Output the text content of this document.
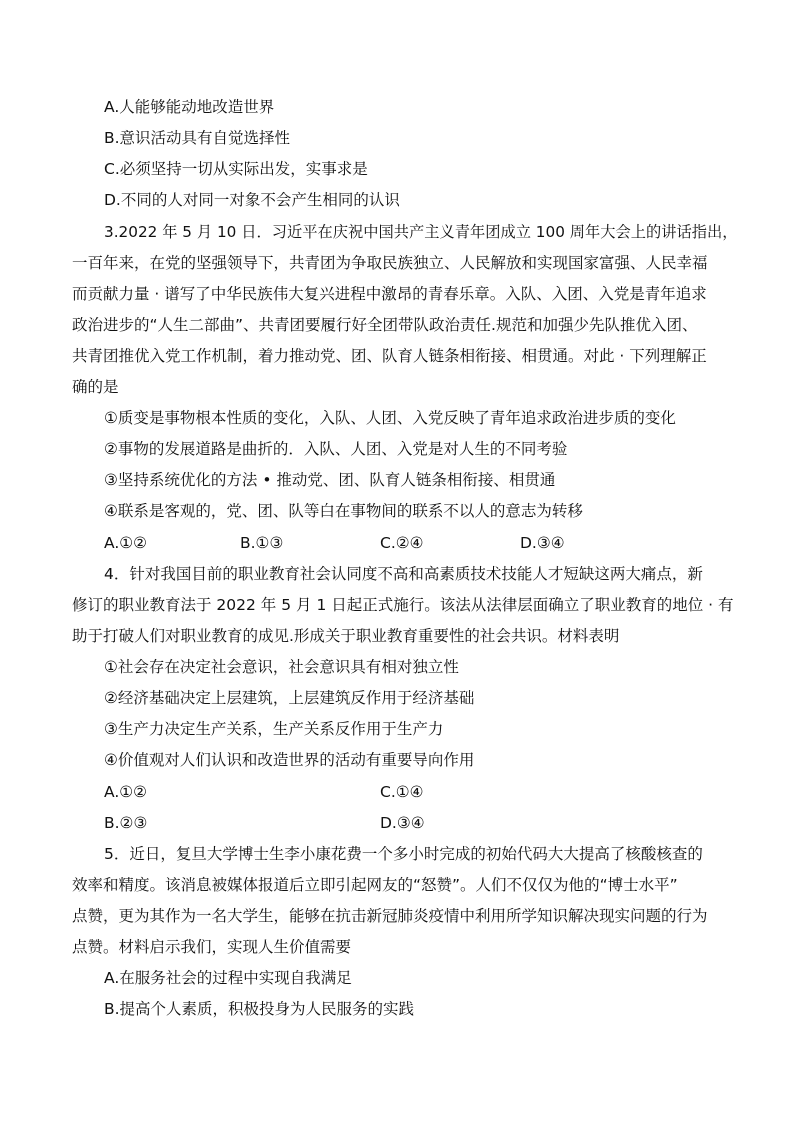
A.人能够能动地改造世界
B.意识活动具有自觉选择性
C.必须坚持一切从实际出发，实事求是
D.不同的人对同一对象不会产生相同的认识
3.2022 年 5 月 10 日．习近平在庆祝中国共产主义青年团成立 100 周年大会上的讲话指出，
一百年来，在党的坚强领导下，共青团为争取民族独立、人民解放和实现国家富强、人民幸福
而贡献力量 · 谱写了中华民族伟大复兴进程中激昂的青春乐章。入队、入团、入党是青年追求
政治进步的“人生二部曲”、共青团要履行好全团带队政治责任.规范和加强少先队推优入团、
共青团推优入党工作机制，着力推动党、团、队育人链条相衔接、相贯通。对此 · 下列理解正
确的是
①质变是事物根本性质的变化，入队、人团、入党反映了青年追求政治进步质的变化
②事物的发展道路是曲折的．入队、人团、入党是对人生的不同考验
③坚持系统优化的方法 • 推动党、团、队育人链条相衔接、相贯通
④联系是客观的，党、团、队等白在事物间的联系不以人的意志为转移
A.①②	B.①③	C.②④	D.③④
4．针对我国目前的职业教育社会认同度不高和高素质技术技能人才短缺这两大痛点，新
修订的职业教育法于 2022 年 5 月 1 日起正式施行。该法从法律层面确立了职业教育的地位 · 有
助于打破人们对职业教育的成见.形成关于职业教育重要性的社会共识。材料表明
①社会存在决定社会意识，社会意识具有相对独立性
②经济基础决定上层建筑，上层建筑反作用于经济基础
③生产力决定生产关系，生产关系反作用于生产力
④价值观对人们认识和改造世界的活动有重要导向作用
A.①②	C.①④
B.②③	D.③④
5．近日，复旦大学博士生李小康花费一个多小时完成的初始代码大大提高了核酸核查的
效率和精度。该消息被媒体报道后立即引起网友的“怒赞”。人们不仅仅为他的“博士水平”
点赞，更为其作为一名大学生，能够在抗击新冠肺炎疫情中利用所学知识解决现实问题的行为
点赞。材料启示我们，实现人生价值需要
A.在服务社会的过程中实现自我满足
B.提高个人素质，积极投身为人民服务的实践
